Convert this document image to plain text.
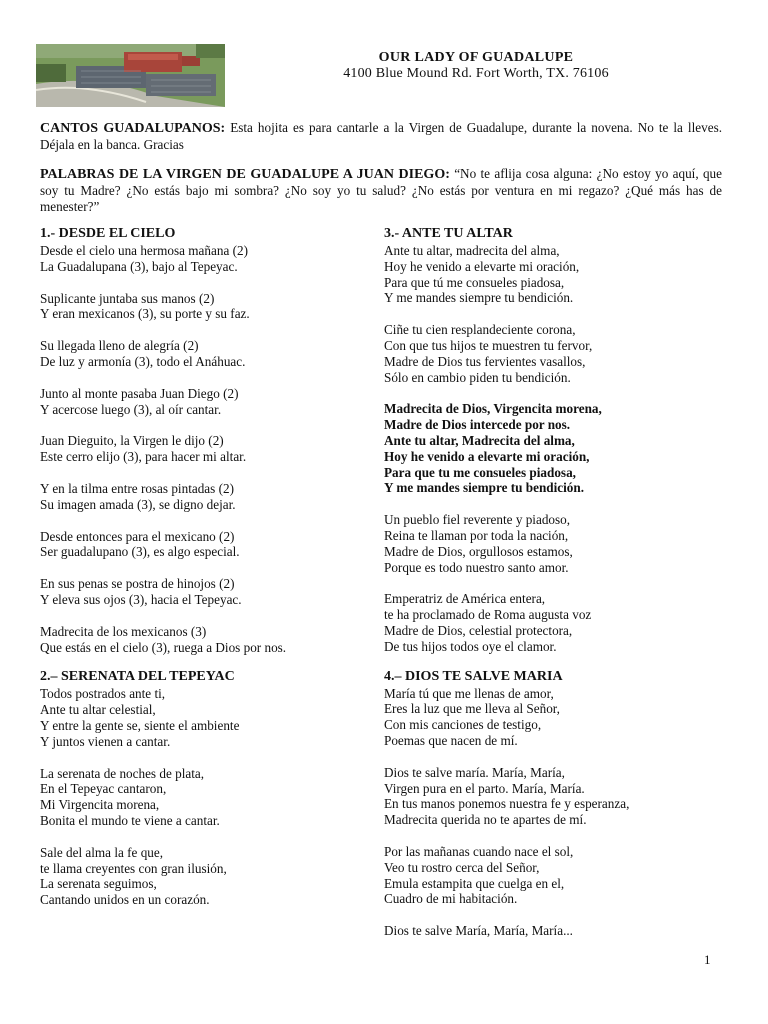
OUR LADY OF GUADALUPE
4100 Blue Mound Rd. Fort Worth, TX. 76106
CANTOS GUADALUPANOS: Esta hojita es para cantarle a la Virgen de Guadalupe, durante la novena. No te la lleves. Déjala en la banca. Gracias
PALABRAS DE LA VIRGEN DE GUADALUPE A JUAN DIEGO: “No te aflija cosa alguna: ¿No estoy yo aquí, que soy tu Madre? ¿No estás bajo mi sombra? ¿No soy yo tu salud? ¿No estás por ventura en mi regazo? ¿Qué más has de menester?”
1.- DESDE EL CIELO
Desde el cielo una hermosa mañana (2)
La Guadalupana (3), bajo al Tepeyac.
Suplicante juntaba sus manos (2)
Y eran mexicanos (3), su porte y su faz.
Su llegada lleno de alegría (2)
De luz y armonía (3), todo el Anáhuac.
Junto al monte pasaba Juan Diego (2)
Y acercose luego (3), al oír cantar.
Juan Dieguito, la Virgen le dijo (2)
Este cerro elijo (3), para hacer mi altar.
Y en la tilma entre rosas pintadas (2)
Su imagen amada (3), se digno dejar.
Desde entonces para el mexicano (2)
Ser guadalupano (3), es algo especial.
En sus penas se postra de hinojos (2)
Y eleva sus ojos (3), hacia el Tepeyac.
Madrecita de los mexicanos (3)
Que estás en el cielo (3), ruega a Dios por nos.
2.– SERENATA DEL TEPEYAC
Todos postrados ante ti,
Ante tu altar celestial,
Y entre la gente se, siente el ambiente
Y juntos vienen a cantar.
La serenata de noches de plata,
En el Tepeyac cantaron,
Mi Virgencita morena,
Bonita el mundo te viene a cantar.
Sale del alma la fe que,
te llama creyentes con gran ilusión,
La serenata seguimos,
Cantando unidos en un corazón.
3.- ANTE TU ALTAR
Ante tu altar, madrecita del alma,
Hoy he venido a elevarte mi oración,
Para que tú me consueles piadosa,
Y me mandes siempre tu bendición.
Ciñe tu cien resplandeciente corona,
Con que tus hijos te muestren tu fervor,
Madre de Dios tus fervientes vasallos,
Sólo en cambio piden tu bendición.
Madrecita de Dios, Virgencita morena,
Madre de Dios intercede por nos.
Ante tu altar, Madrecita del alma,
Hoy he venido a elevarte mi oración,
Para que tu me consueles piadosa,
Y me mandes siempre tu bendición.
Un pueblo fiel reverente y piadoso,
Reina te llaman por toda la nación,
Madre de Dios, orgullosos estamos,
Porque es todo nuestro santo amor.
Emperatriz de América entera,
te ha proclamado de Roma augusta voz
Madre de Dios, celestial protectora,
De tus hijos todos oye el clamor.
4.– DIOS TE SALVE MARIA
María tú que me llenas de amor,
Eres la luz que me lleva al Señor,
Con mis canciones de testigo,
Poemas que nacen de mí.
Dios te salve maría. María, María,
Virgen pura en el parto. María, María.
En tus manos ponemos nuestra fe y esperanza,
Madrecita querida no te apartes de mí.
Por las mañanas cuando nace el sol,
Veo tu rostro cerca del Señor,
Emula estampita que cuelga en el,
Cuadro de mi habitación.
Dios te salve María, María, María...
1
